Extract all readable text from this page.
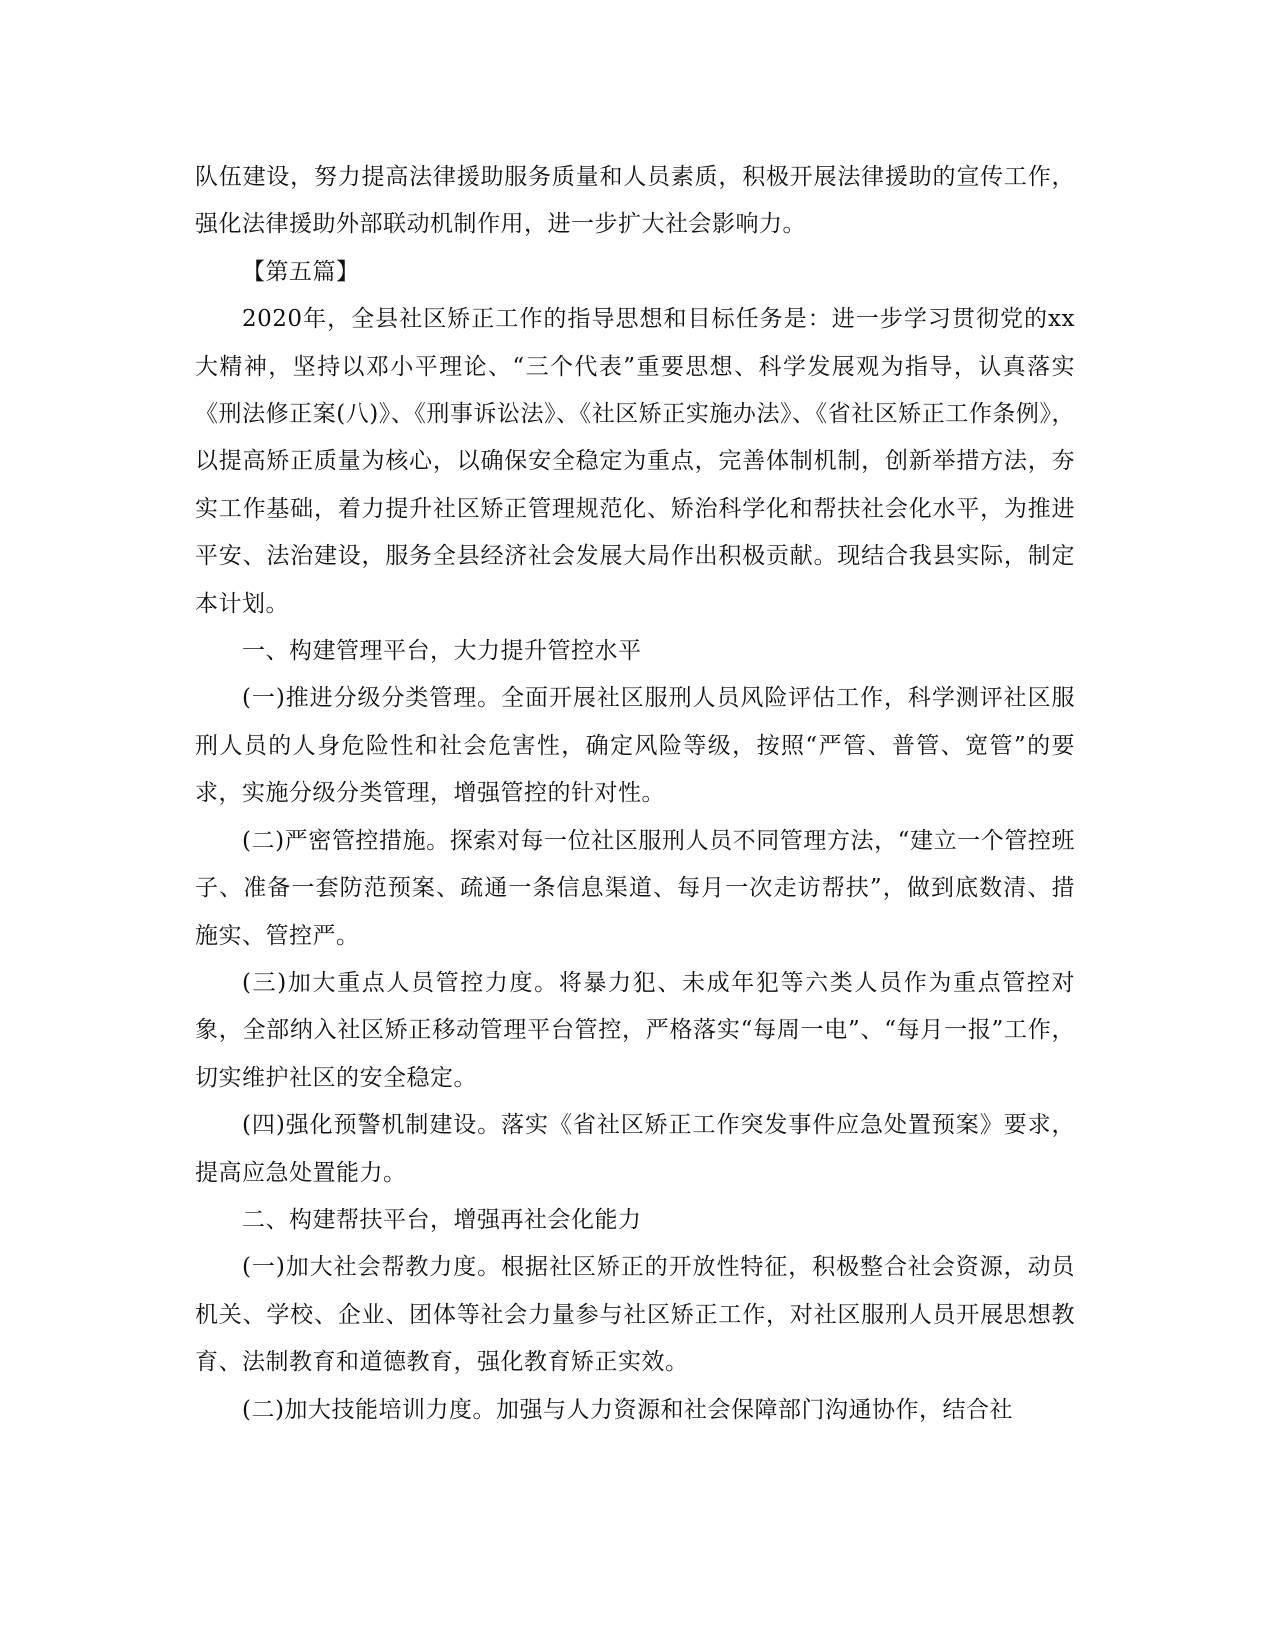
队伍建设，努力提高法律援助服务质量和人员素质，积极开展法律援助的宣传工作，强化法律援助外部联动机制作用，进一步扩大社会影响力。

【第五篇】

2020年，全县社区矫正工作的指导思想和目标任务是：进一步学习贯彻党的xx大精神，坚持以邓小平理论、“三个代表”重要思想、科学发展观为指导，认真落实《刑法修正案(八)》、《刑事诉讼法》、《社区矫正实施办法》、《省社区矫正工作条例》，以提高矫正质量为核心，以确保安全稳定为重点，完善体制机制，创新举措方法，夯实工作基础，着力提升社区矫正管理规范化、矫治科学化和帮扶社会化水平，为推进平安、法治建设，服务全县经济社会发展大局作出积极贡献。现结合我县实际，制定本计划。

一、构建管理平台，大力提升管控水平

(一)推进分级分类管理。全面开展社区服刑人员风险评估工作，科学测评社区服刑人员的人身危险性和社会危害性，确定风险等级，按照“严管、普管、宽管”的要求，实施分级分类管理，增强管控的针对性。

(二)严密管控措施。探索对每一位社区服刑人员不同管理方法，“建立一个管控班子、准备一套防范预案、疏通一条信息渠道、每月一次走访帮扶”，做到底数清、措施实、管控严。

(三)加大重点人员管控力度。将暴力犯、未成年犯等六类人员作为重点管控对象，全部纳入社区矫正移动管理平台管控，严格落实“每周一电”、“每月一报”工作，切实维护社区的安全稳定。

(四)强化预警机制建设。落实《省社区矫正工作突发事件应急处置预案》要求，提高应急处置能力。

二、构建帮扶平台，增强再社会化能力

(一)加大社会帮教力度。根据社区矫正的开放性特征，积极整合社会资源，动员机关、学校、企业、团体等社会力量参与社区矫正工作，对社区服刑人员开展思想教育、法制教育和道德教育，强化教育矫正实效。

(二)加大技能培训力度。加强与人力资源和社会保障部门沟通协作，结合社
